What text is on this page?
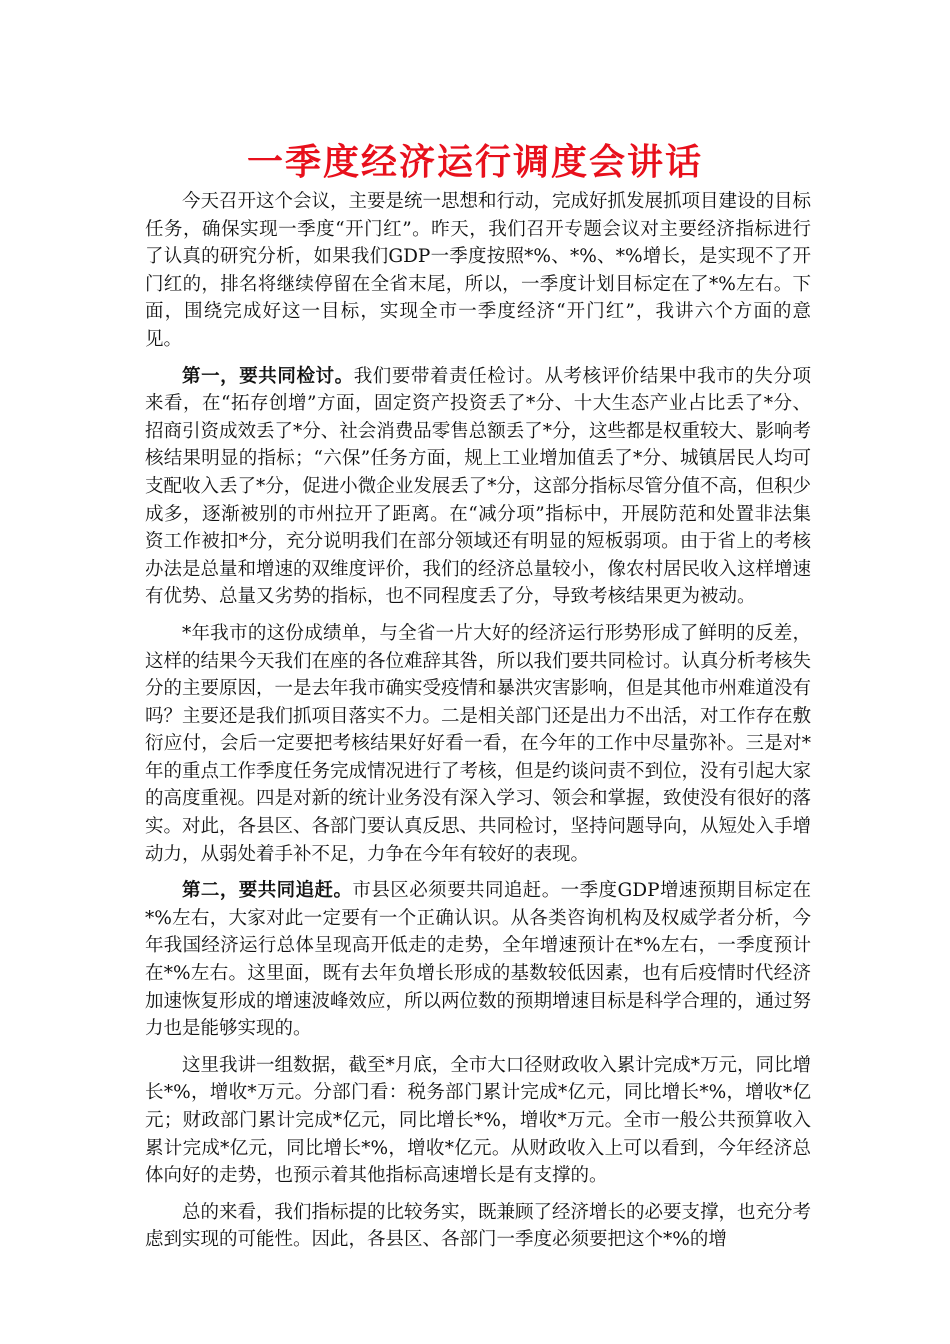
一季度经济运行调度会讲话

今天召开这个会议，主要是统一思想和行动，完成好抓发展抓项目建设的目标任务，确保实现一季度“开门红”。昨天，我们召开专题会议对主要经济指标进行了认真的研究分析，如果我们GDP一季度按照*%、*%、*%增长，是实现不了开门红的，排名将继续停留在全省末尾，所以，一季度计划目标定在了*%左右。下面，围绕完成好这一目标，实现全市一季度经济“开门红”，我讲六个方面的意见。

第一，要共同检讨。我们要带着责任检讨。从考核评价结果中我市的失分项来看，在“拓存创增”方面，固定资产投资丢了*分、十大生态产业占比丢了*分、招商引资成效丢了*分、社会消费品零售总额丢了*分，这些都是权重较大、影响考核结果明显的指标；“六保”任务方面，规上工业增加值丢了*分、城镇居民人均可支配收入丢了*分，促进小微企业发展丢了*分，这部分指标尽管分值不高，但积少成多，逐渐被别的市州拉开了距离。在“减分项”指标中，开展防范和处置非法集资工作被扣*分，充分说明我们在部分领域还有明显的短板弱项。由于省上的考核办法是总量和增速的双维度评价，我们的经济总量较小，像农村居民收入这样增速有优势、总量又劣势的指标，也不同程度丢了分，导致考核结果更为被动。

*年我市的这份成绩单，与全省一片大好的经济运行形势形成了鲜明的反差，这样的结果今天我们在座的各位难辞其咎，所以我们要共同检讨。认真分析考核失分的主要原因，一是去年我市确实受疫情和暴洪灾害影响，但是其他市州难道没有吗？主要还是我们抓项目落实不力。二是相关部门还是出力不出活，对工作存在敷衍应付，会后一定要把考核结果好好看一看，在今年的工作中尽量弥补。三是对*年的重点工作季度任务完成情况进行了考核，但是约谈问责不到位，没有引起大家的高度重视。四是对新的统计业务没有深入学习、领会和掌握，致使没有很好的落实。对此，各县区、各部门要认真反思、共同检讨，坚持问题导向，从短处入手增动力，从弱处着手补不足，力争在今年有较好的表现。

第二，要共同追赶。市县区必须要共同追赶。一季度GDP增速预期目标定在*%左右，大家对此一定要有一个正确认识。从各类咨询机构及权威学者分析，今年我国经济运行总体呈现高开低走的走势，全年增速预计在*%左右，一季度预计在*%左右。这里面，既有去年负增长形成的基数较低因素，也有后疫情时代经济加速恢复形成的增速波峰效应，所以两位数的预期增速目标是科学合理的，通过努力也是能够实现的。

这里我讲一组数据，截至*月底，全市大口径财政收入累计完成*万元，同比增长*%，增收*万元。分部门看：税务部门累计完成*亿元，同比增长*%，增收*亿元；财政部门累计完成*亿元，同比增长*%，增收*万元。全市一般公共预算收入累计完成*亿元，同比增长*%，增收*亿元。从财政收入上可以看到，今年经济总体向好的走势，也预示着其他指标高速增长是有支撑的。

总的来看，我们指标提的比较务实，既兼顾了经济增长的必要支撑，也充分考虑到实现的可能性。因此，各县区、各部门一季度必须要把这个*%的增
